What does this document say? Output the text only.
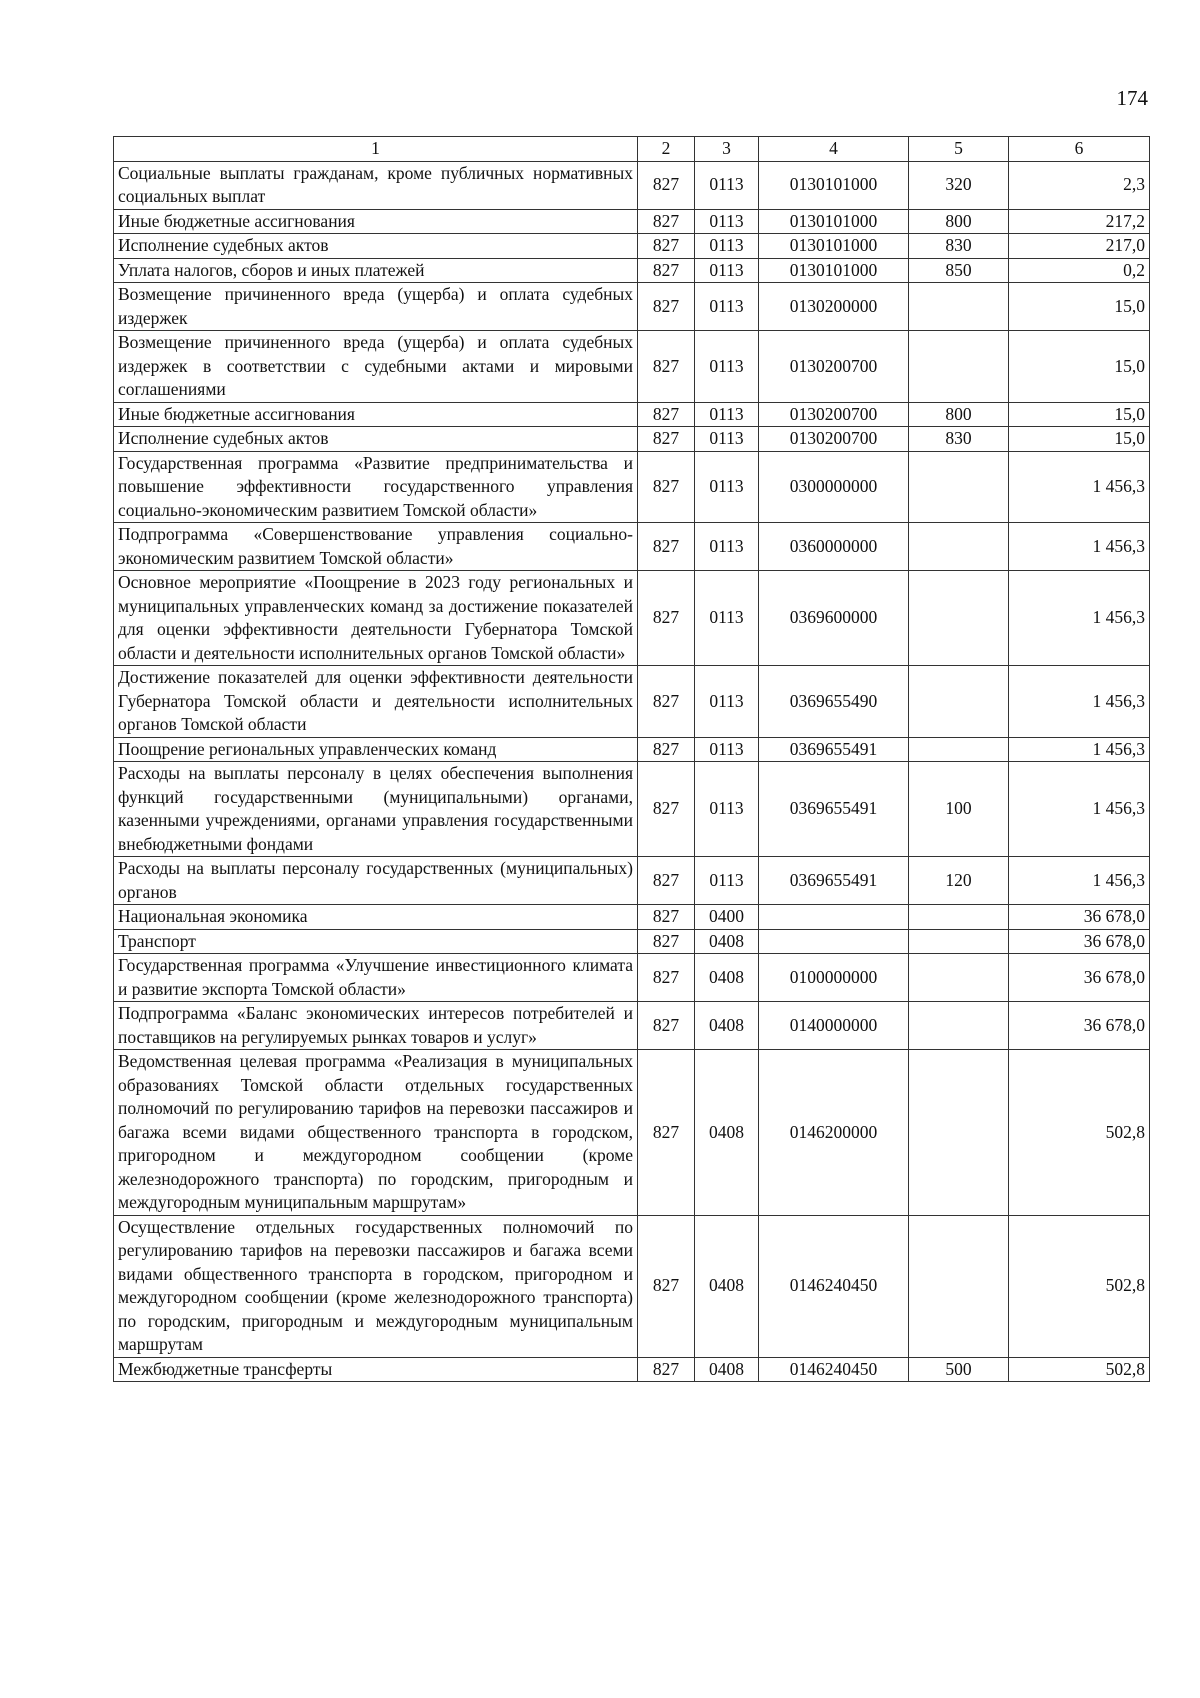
174
1	2	3	4	5	6
Социальные выплаты гражданам, кроме публичных нормативных социальных выплат	827	0113	0130101000	320	2,3
Иные бюджетные ассигнования	827	0113	0130101000	800	217,2
Исполнение судебных актов	827	0113	0130101000	830	217,0
Уплата налогов, сборов и иных платежей	827	0113	0130101000	850	0,2
Возмещение причиненного вреда (ущерба) и оплата судебных издержек	827	0113	0130200000		15,0
Возмещение причиненного вреда (ущерба) и оплата судебных издержек в соответствии с судебными актами и мировыми соглашениями	827	0113	0130200700		15,0
Иные бюджетные ассигнования	827	0113	0130200700	800	15,0
Исполнение судебных актов	827	0113	0130200700	830	15,0
Государственная программа «Развитие предпринимательства и повышение эффективности государственного управления социально-экономическим развитием Томской области»	827	0113	0300000000		1 456,3
Подпрограмма «Совершенствование управления социально-экономическим развитием Томской области»	827	0113	0360000000		1 456,3
Основное мероприятие «Поощрение в 2023 году региональных и муниципальных управленческих команд за достижение показателей для оценки эффективности деятельности Губернатора Томской области и деятельности исполнительных органов Томской области»	827	0113	0369600000		1 456,3
Достижение показателей для оценки эффективности деятельности Губернатора Томской области и деятельности исполнительных органов Томской области	827	0113	0369655490		1 456,3
Поощрение региональных управленческих команд	827	0113	0369655491		1 456,3
Расходы на выплаты персоналу в целях обеспечения выполнения функций государственными (муниципальными) органами, казенными учреждениями, органами управления государственными внебюджетными фондами	827	0113	0369655491	100	1 456,3
Расходы на выплаты персоналу государственных (муниципальных) органов	827	0113	0369655491	120	1 456,3
Национальная экономика	827	0400			36 678,0
Транспорт	827	0408			36 678,0
Государственная программа «Улучшение инвестиционного климата и развитие экспорта Томской области»	827	0408	0100000000		36 678,0
Подпрограмма «Баланс экономических интересов потребителей и поставщиков на регулируемых рынках товаров и услуг»	827	0408	0140000000		36 678,0
Ведомственная целевая программа «Реализация в муниципальных образованиях Томской области отдельных государственных полномочий по регулированию тарифов на перевозки пассажиров и багажа всеми видами общественного транспорта в городском, пригородном и междугородном сообщении (кроме железнодорожного транспорта) по городским, пригородным и междугородным муниципальным маршрутам»	827	0408	0146200000		502,8
Осуществление отдельных государственных полномочий по регулированию тарифов на перевозки пассажиров и багажа всеми видами общественного транспорта в городском, пригородном и междугородном сообщении (кроме железнодорожного транспорта) по городским, пригородным и междугородным муниципальным маршрутам	827	0408	0146240450		502,8
Межбюджетные трансферты	827	0408	0146240450	500	502,8
